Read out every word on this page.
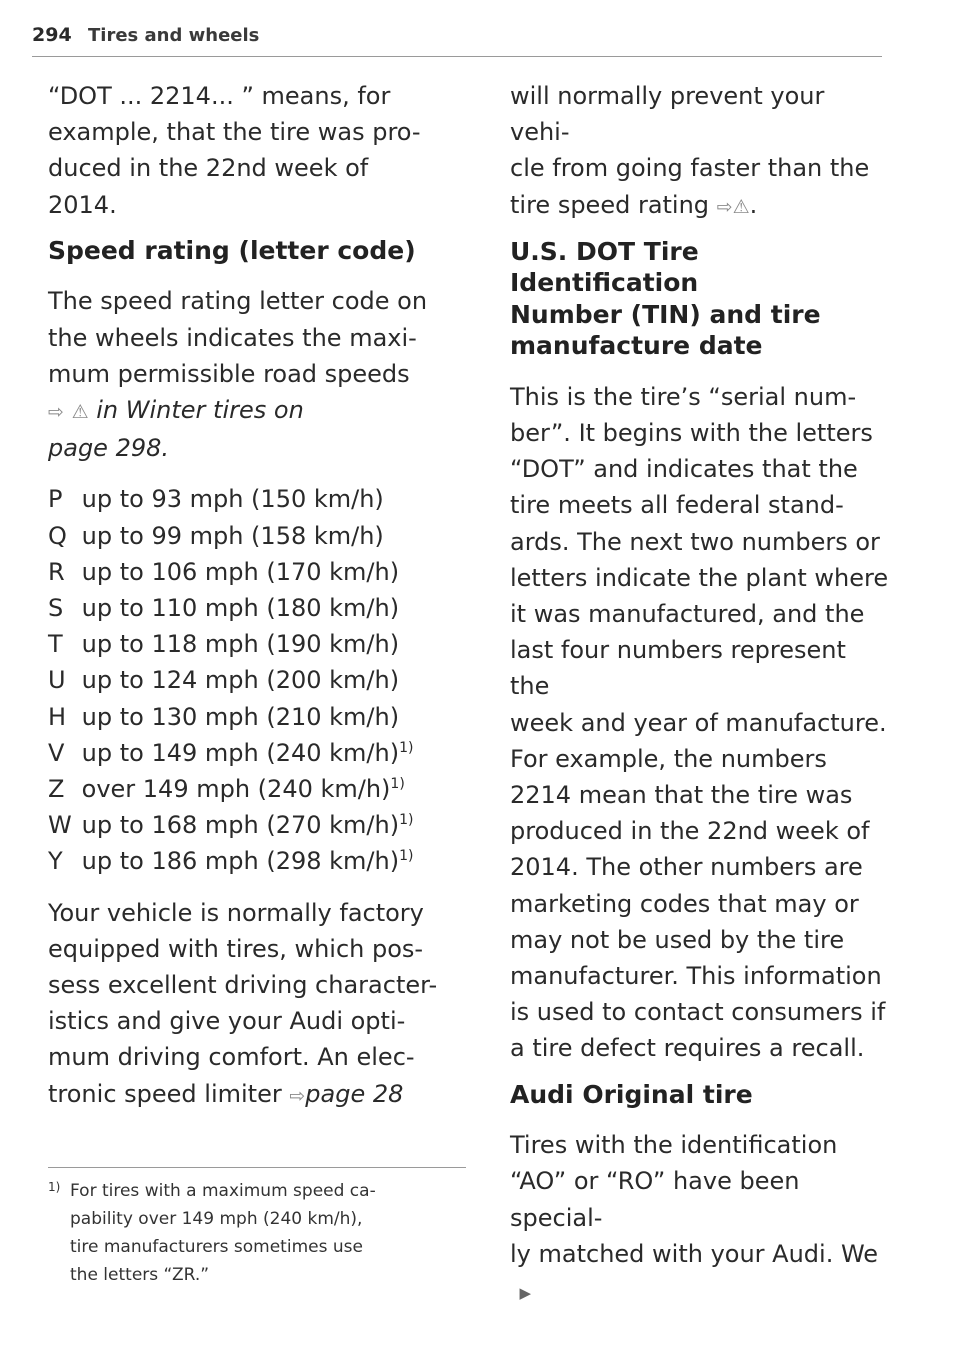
294 Tires and wheels

“DOT ... 2214... ” means, for

example, that the tire was pro-

duced in the 22nd week of

2014.

Speed rating (letter code)

The speed rating letter code on

the wheels indicates the maxi-

mum permissible road speeds

⇨ ⚠ in Winter tires on

page 298.

P up to 93 mph (150 km/h)
Q up to 99 mph (158 km/h)
R up to 106 mph (170 km/h)
S up to 110 mph (180 km/h)
T up to 118 mph (190 km/h)
U up to 124 mph (200 km/h)
H up to 130 mph (210 km/h)
V up to 149 mph (240 km/h)$^{1)}$
Z over 149 mph (240 km/h)$^{1)}$
W up to 168 mph (270 km/h)$^{1)}$
Y up to 186 mph (298 km/h)$^{1)}$

Your vehicle is normally factory

equipped with tires, which pos-

sess excellent driving character-

istics and give your Audi opti-

mum driving comfort. An elec-

tronic speed limiter ⇨page 28

will normally prevent your vehi-

cle from going faster than the

tire speed rating ⇨⚠.

U.S. DOT Tire Identification
Number (TIN) and tire
manufacture date

This is the tire’s “serial num-

ber”. It begins with the letters

“DOT” and indicates that the

tire meets all federal stand-

ards. The next two numbers or

letters indicate the plant where

it was manufactured, and the

last four numbers represent the

week and year of manufacture.

For example, the numbers

2214 mean that the tire was

produced in the 22nd week of

2014. The other numbers are

marketing codes that may or

may not be used by the tire

manufacturer. This information

is used to contact consumers if

a tire defect requires a recall.

Audi Original tire

Tires with the identification

“AO” or “RO” have been special-

ly matched with your Audi. We   ▶

1) For tires with a maximum speed ca-
pability over 149 mph (240 km/h),
tire manufacturers sometimes use
the letters “ZR.”
